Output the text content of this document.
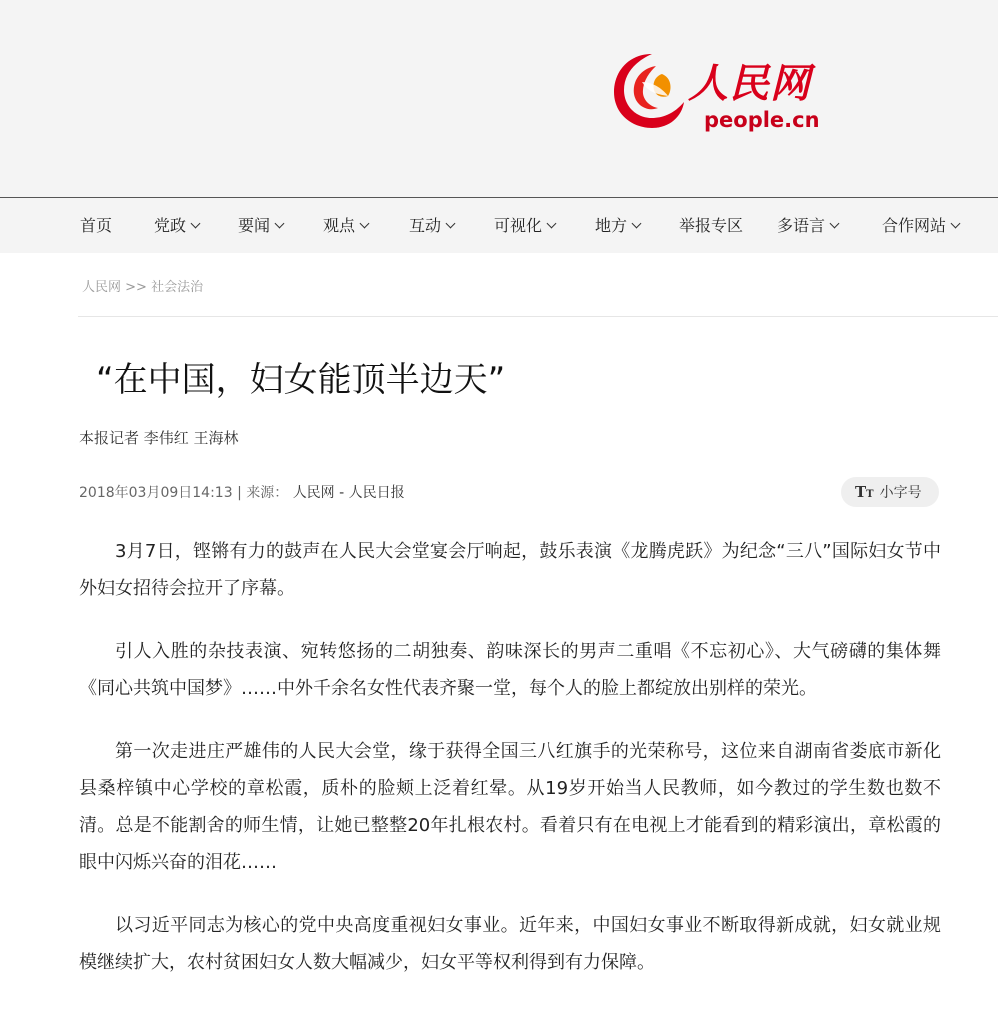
人民网
people.cn
首页	党政	要闻	观点	互动	可视化	地方	举报专区 多语言	合作网站
人民网 >> 社会法治
“在中国，妇女能顶半边天”
本报记者 李伟红 王海林
2018年03月09日14:13 | 来源： 人民网 - 人民日报	TT 小字号

3月7日，铿锵有力的鼓声在人民大会堂宴会厅响起，鼓乐表演《龙腾虎跃》为纪念“三八”国际妇女节中外妇女招待会拉开了序幕。

引人入胜的杂技表演、宛转悠扬的二胡独奏、韵味深长的男声二重唱《不忘初心》、大气磅礴的集体舞《同心共筑中国梦》……中外千余名女性代表齐聚一堂，每个人的脸上都绽放出别样的荣光。

第一次走进庄严雄伟的人民大会堂，缘于获得全国三八红旗手的光荣称号，这位来自湖南省娄底市新化县桑梓镇中心学校的章松霞，质朴的脸颊上泛着红晕。从19岁开始当人民教师，如今教过的学生数也数不清。总是不能割舍的师生情，让她已整整20年扎根农村。看着只有在电视上才能看到的精彩演出，章松霞的眼中闪烁兴奋的泪花……

以习近平同志为核心的党中央高度重视妇女事业。近年来，中国妇女事业不断取得新成就，妇女就业规模继续扩大，农村贫困妇女人数大幅减少，妇女平等权利得到有力保障。
